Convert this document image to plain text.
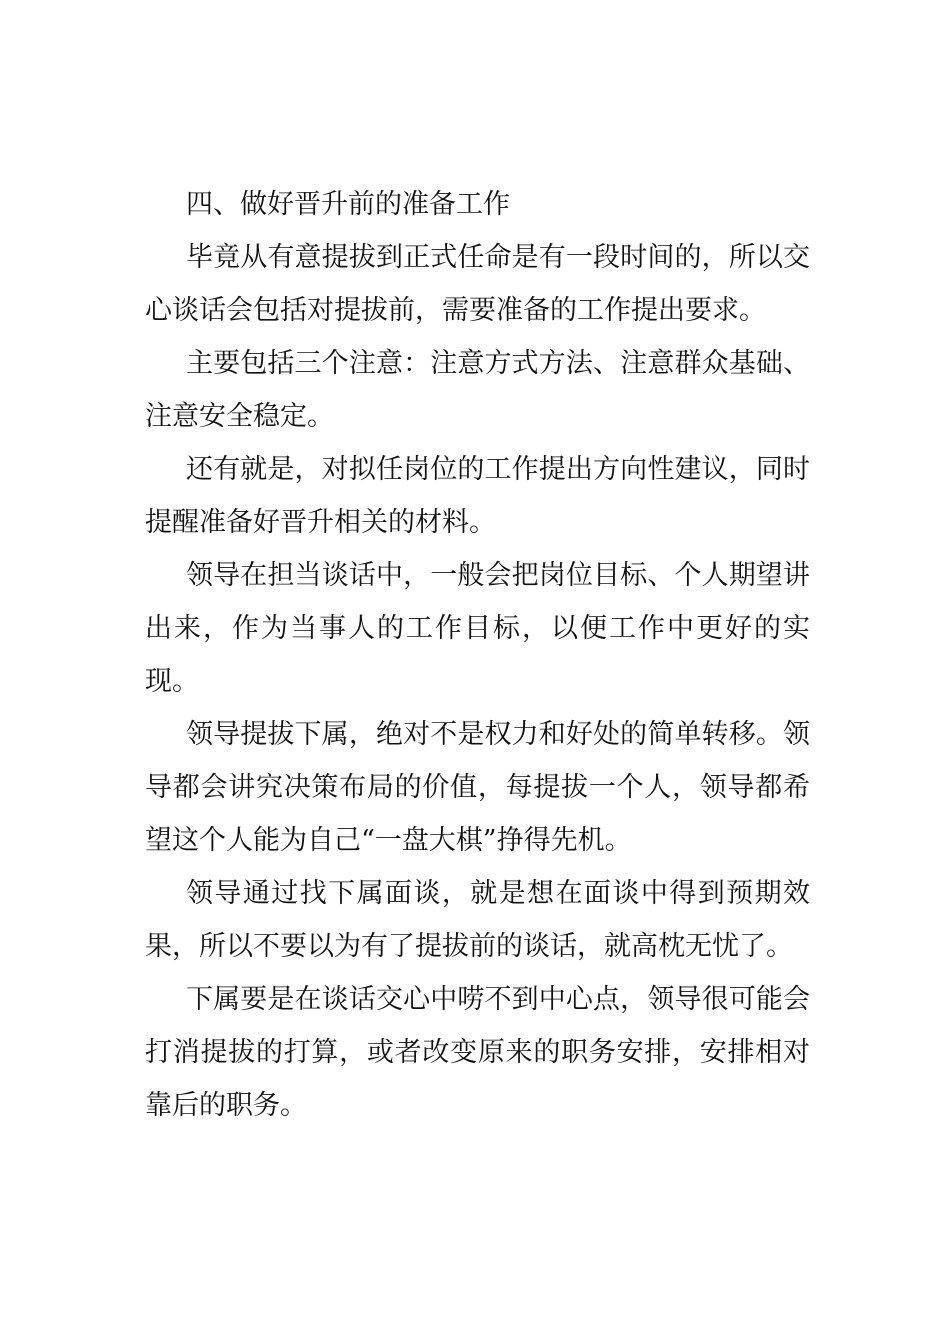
四、做好晋升前的准备工作

毕竟从有意提拔到正式任命是有一段时间的，所以交心谈话会包括对提拔前，需要准备的工作提出要求。

主要包括三个注意：注意方式方法、注意群众基础、注意安全稳定。

还有就是，对拟任岗位的工作提出方向性建议，同时提醒准备好晋升相关的材料。

领导在担当谈话中，一般会把岗位目标、个人期望讲出来，作为当事人的工作目标，以便工作中更好的实现。

领导提拔下属，绝对不是权力和好处的简单转移。领导都会讲究决策布局的价值，每提拔一个人，领导都希望这个人能为自己“一盘大棋”挣得先机。

领导通过找下属面谈，就是想在面谈中得到预期效果，所以不要以为有了提拔前的谈话，就高枕无忧了。

下属要是在谈话交心中唠不到中心点，领导很可能会打消提拔的打算，或者改变原来的职务安排，安排相对靠后的职务。
